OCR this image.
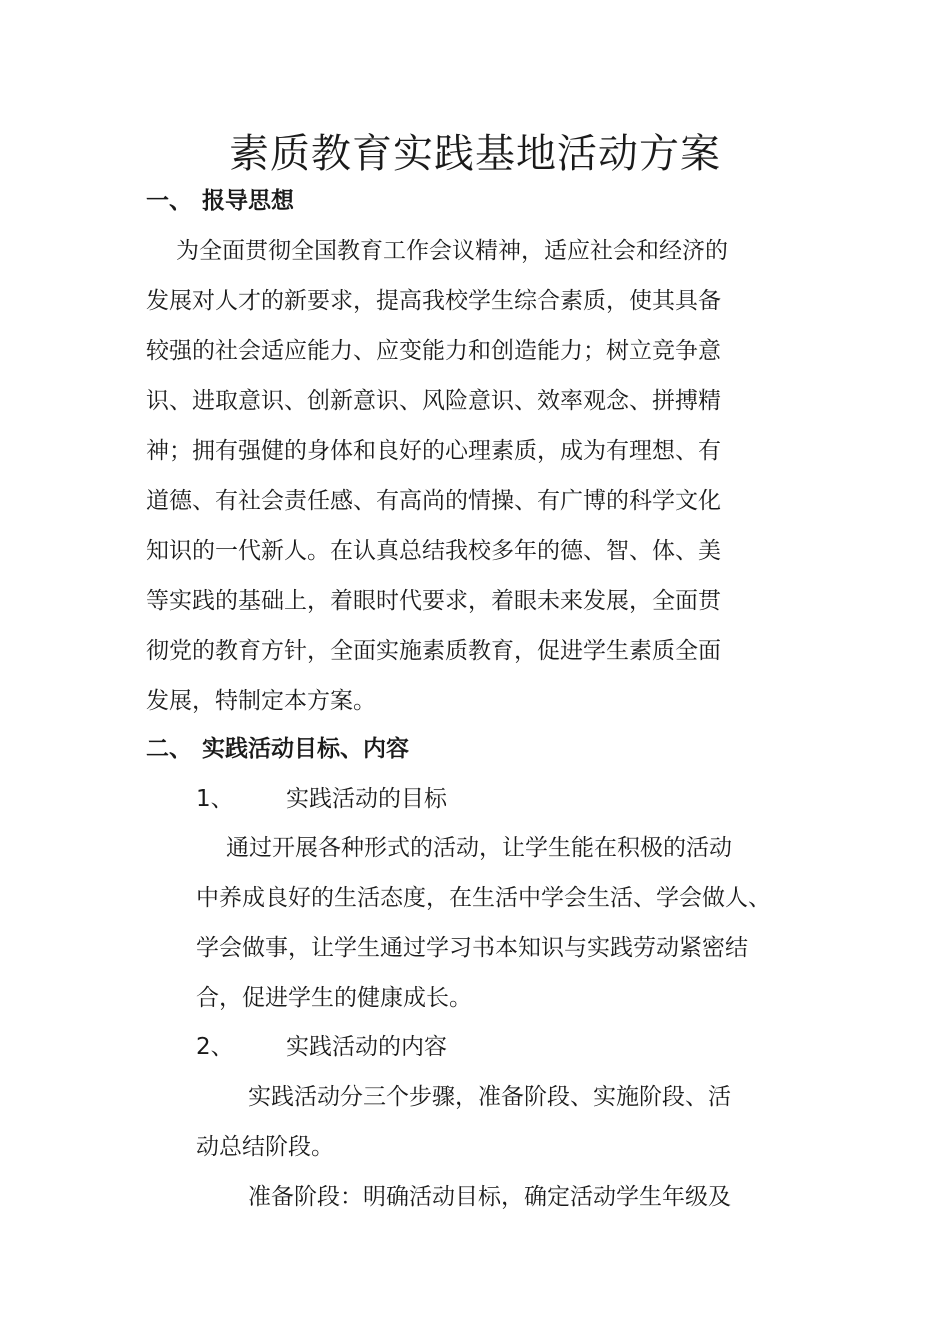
素质教育实践基地活动方案
一、 报导思想
为全面贯彻全国教育工作会议精神，适应社会和经济的
发展对人才的新要求，提高我校学生综合素质，使其具备
较强的社会适应能力、应变能力和创造能力；树立竞争意
识、进取意识、创新意识、风险意识、效率观念、拼搏精
神；拥有强健的身体和良好的心理素质，成为有理想、有
道德、有社会责任感、有高尚的情操、有广博的科学文化
知识的一代新人。在认真总结我校多年的德、智、体、美
等实践的基础上，着眼时代要求，着眼未来发展，全面贯
彻党的教育方针，全面实施素质教育，促进学生素质全面
发展，特制定本方案。
二、 实践活动目标、内容
1、 实践活动的目标
通过开展各种形式的活动，让学生能在积极的活动
中养成良好的生活态度，在生活中学会生活、学会做人、
学会做事，让学生通过学习书本知识与实践劳动紧密结
合，促进学生的健康成长。
2、 实践活动的内容
实践活动分三个步骤，准备阶段、实施阶段、活
动总结阶段。
准备阶段：明确活动目标，确定活动学生年级及
